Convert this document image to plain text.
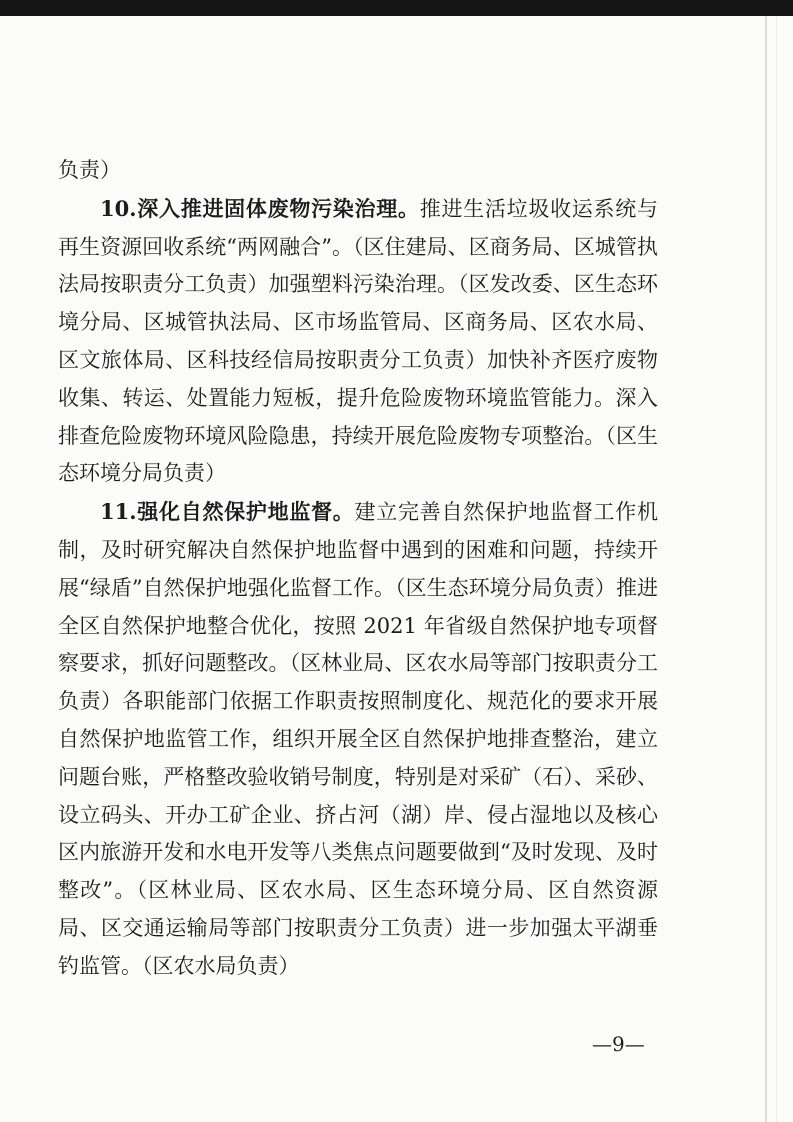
负责）

10.深入推进固体废物污染治理。推进生活垃圾收运系统与再生资源回收系统“两网融合”。（区住建局、区商务局、区城管执法局按职责分工负责）加强塑料污染治理。（区发改委、区生态环境分局、区城管执法局、区市场监管局、区商务局、区农水局、区文旅体局、区科技经信局按职责分工负责）加快补齐医疗废物收集、转运、处置能力短板，提升危险废物环境监管能力。深入排查危险废物环境风险隐患，持续开展危险废物专项整治。（区生态环境分局负责）

11.强化自然保护地监督。建立完善自然保护地监督工作机制，及时研究解决自然保护地监督中遇到的困难和问题，持续开展“绿盾”自然保护地强化监督工作。（区生态环境分局负责）推进全区自然保护地整合优化，按照 2021 年省级自然保护地专项督察要求，抓好问题整改。（区林业局、区农水局等部门按职责分工负责）各职能部门依据工作职责按照制度化、规范化的要求开展自然保护地监管工作，组织开展全区自然保护地排查整治，建立问题台账，严格整改验收销号制度，特别是对采矿（石）、采砂、设立码头、开办工矿企业、挤占河（湖）岸、侵占湿地以及核心区内旅游开发和水电开发等八类焦点问题要做到“及时发现、及时整改”。（区林业局、区农水局、区生态环境分局、区自然资源局、区交通运输局等部门按职责分工负责）进一步加强太平湖垂钓监管。（区农水局负责）

—9—
